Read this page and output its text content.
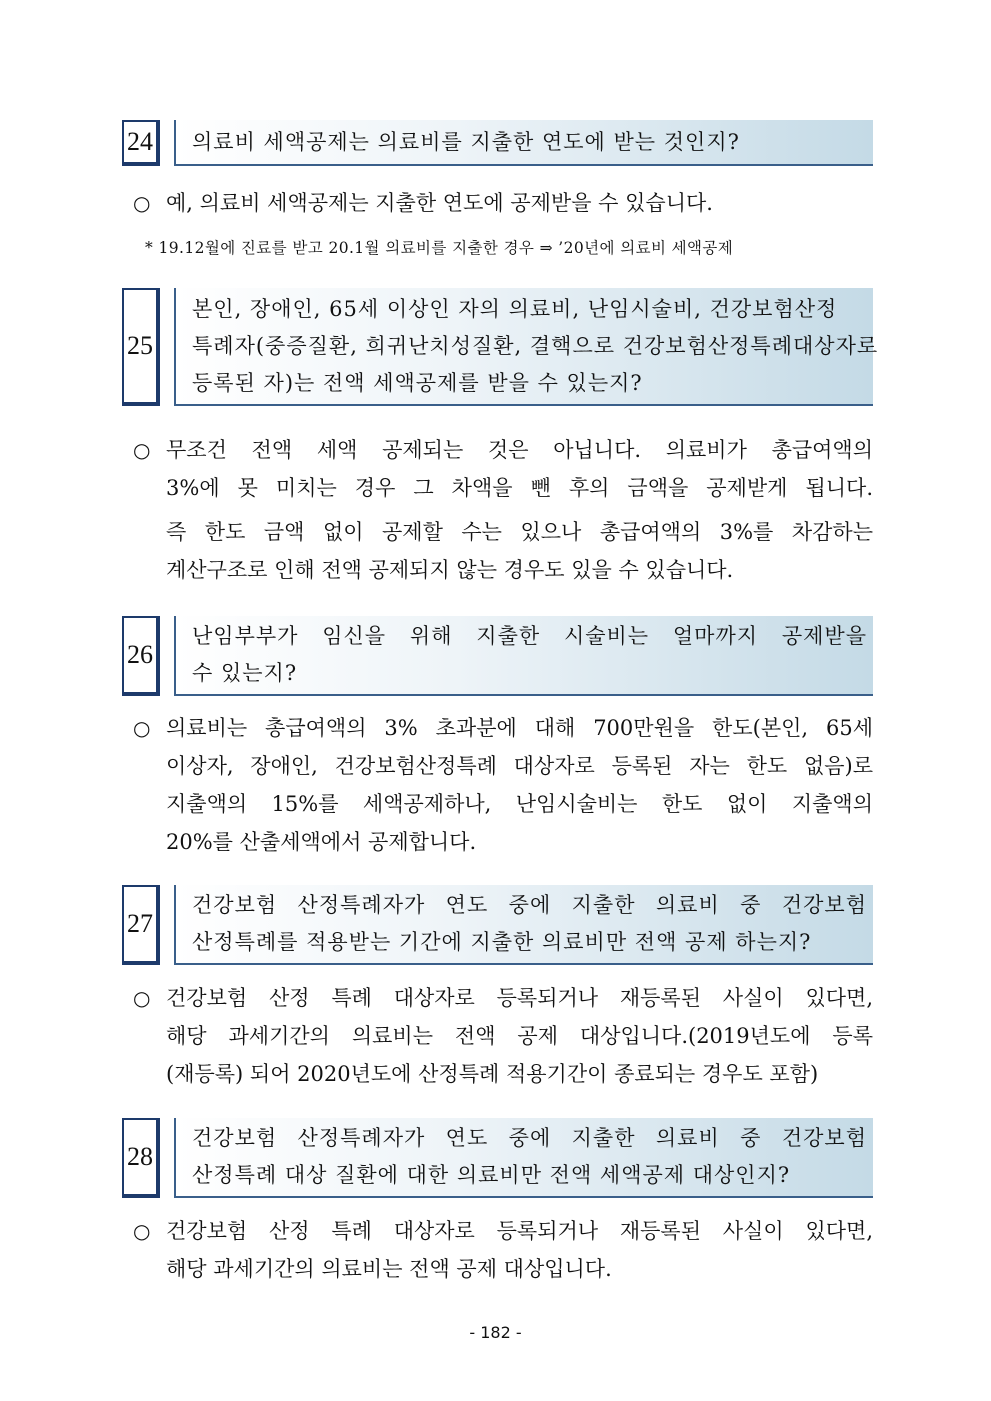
24	의료비 세액공제는 의료비를 지출한 연도에 받는 것인지?
○ 예, 의료비 세액공제는 지출한 연도에 공제받을 수 있습니다.
* 19.12월에 진료를 받고 20.1월 의료비를 지출한 경우 ⇒ ’20년에 의료비 세액공제
25
본인, 장애인, 65세 이상인 자의 의료비, 난임시술비, 건강보험산정
특례자(중증질환, 희귀난치성질환, 결핵으로 건강보험산정특례대상자로
등록된 자)는 전액 세액공제를 받을 수 있는지?
○ 무조건 전액 세액 공제되는 것은 아닙니다. 의료비가 총급여액의
3%에 못 미치는 경우 그 차액을 뺀 후의 금액을 공제받게 됩니다.
즉 한도 금액 없이 공제할 수는 있으나 총급여액의 3%를 차감하는
계산구조로 인해 전액 공제되지 않는 경우도 있을 수 있습니다.
26
난임부부가 임신을 위해 지출한 시술비는 얼마까지 공제받을
수 있는지?
○ 의료비는 총급여액의 3% 초과분에 대해 700만원을 한도(본인, 65세
이상자, 장애인, 건강보험산정특례 대상자로 등록된 자는 한도 없음)로
지출액의 15%를 세액공제하나, 난임시술비는 한도 없이 지출액의
20%를 산출세액에서 공제합니다.
27
건강보험 산정특례자가 연도 중에 지출한 의료비 중 건강보험
산정특례를 적용받는 기간에 지출한 의료비만 전액 공제 하는지?
○ 건강보험 산정 특례 대상자로 등록되거나 재등록된 사실이 있다면,
해당 과세기간의 의료비는 전액 공제 대상입니다.(2019년도에 등록
(재등록) 되어 2020년도에 산정특례 적용기간이 종료되는 경우도 포함)
28
건강보험 산정특례자가 연도 중에 지출한 의료비 중 건강보험
산정특례 대상 질환에 대한 의료비만 전액 세액공제 대상인지?
○ 건강보험 산정 특례 대상자로 등록되거나 재등록된 사실이 있다면,
해당 과세기간의 의료비는 전액 공제 대상입니다.
- 182 -
